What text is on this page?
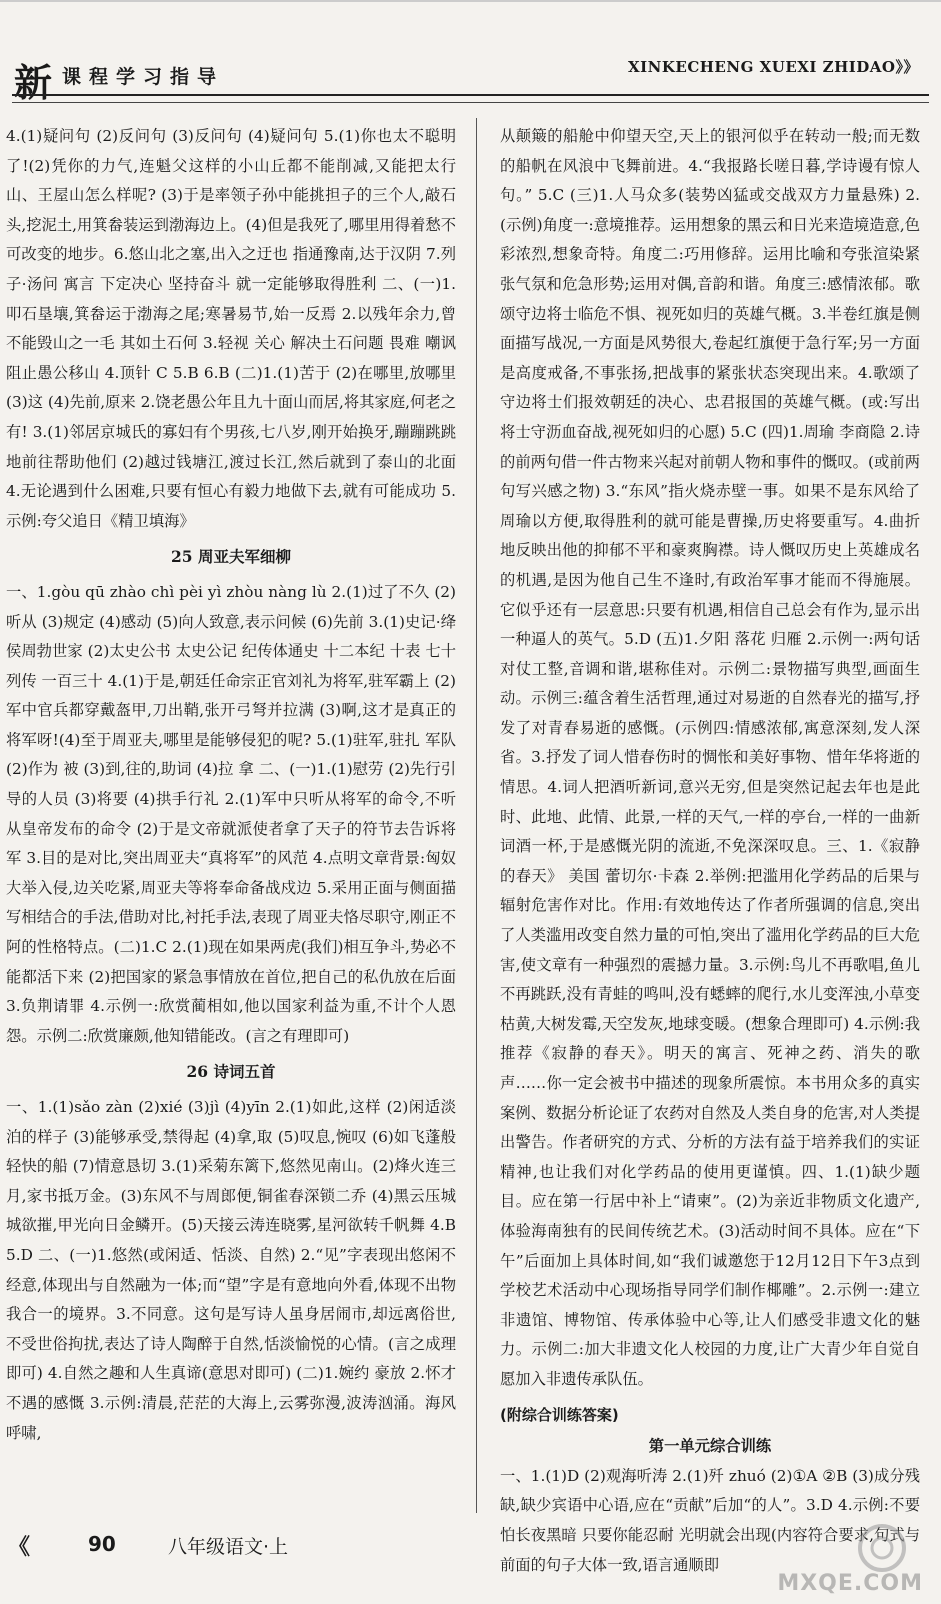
新 课程学习指导	XINKECHENG XUEXI ZHIDAO》》

4.(1)疑问句 (2)反问句 (3)反问句 (4)疑问句 5.(1)你也太不聪明了!(2)凭你的力气,连魁父这样的小山丘都不能削减,又能把太行山、王屋山怎么样呢? (3)于是率领子孙中能挑担子的三个人,敲石头,挖泥土,用箕畚装运到渤海边上。(4)但是我死了,哪里用得着愁不可改变的地步。6.悠山北之塞,出入之迂也 指通豫南,达于汉阴 7.列子·汤问 寓言 下定决心 坚持奋斗 就一定能够取得胜利 二、(一)1.叩石垦壤,箕畚运于渤海之尾;寒暑易节,始一反焉 2.以残年余力,曾不能毁山之一毛 其如土石何 3.轻视 关心 解决土石问题 畏难 嘲讽 阻止愚公移山 4.顶针 C 5.B 6.B (二)1.(1)苦于 (2)在哪里,放哪里 (3)这 (4)先前,原来 2.饶老愚公年且九十面山而居,将其家庭,何老之有! 3.(1)邻居京城氏的寡妇有个男孩,七八岁,刚开始换牙,蹦蹦跳跳地前往帮助他们 (2)越过钱塘江,渡过长江,然后就到了泰山的北面 4.无论遇到什么困难,只要有恒心有毅力地做下去,就有可能成功 5.示例:夸父追日《精卫填海》

25 周亚夫军细柳

一、1.gòu qū zhào chì pèi yì zhòu nàng lù 2.(1)过了不久 (2)听从 (3)规定 (4)感动 (5)向人致意,表示问候 (6)先前 3.(1)史记·绛侯周勃世家 (2)太史公书 太史公记 纪传体通史 十二本纪 十表 七十列传 一百三十 4.(1)于是,朝廷任命宗正官刘礼为将军,驻军霸上 (2)军中官兵都穿戴盔甲,刀出鞘,张开弓弩并拉满 (3)啊,这才是真正的将军呀!(4)至于周亚夫,哪里是能够侵犯的呢? 5.(1)驻军,驻扎 军队 (2)作为 被 (3)到,往的,助词 (4)拉 拿 二、(一)1.(1)慰劳 (2)先行引导的人员 (3)将要 (4)拱手行礼 2.(1)军中只听从将军的命令,不听从皇帝发布的命令 (2)于是文帝就派使者拿了天子的符节去告诉将军 3.目的是对比,突出周亚夫“真将军”的风范 4.点明文章背景:匈奴大举入侵,边关吃紧,周亚夫等将奉命备战戍边 5.采用正面与侧面描写相结合的手法,借助对比,衬托手法,表现了周亚夫恪尽职守,刚正不阿的性格特点。(二)1.C 2.(1)现在如果两虎(我们)相互争斗,势必不能都活下来 (2)把国家的紧急事情放在首位,把自己的私仇放在后面 3.负荆请罪 4.示例一:欣赏蔺相如,他以国家利益为重,不计个人恩怨。示例二:欣赏廉颇,他知错能改。(言之有理即可)

26 诗词五首

一、1.(1)sǎo zàn (2)xié (3)jì (4)yīn 2.(1)如此,这样 (2)闲适淡泊的样子 (3)能够承受,禁得起 (4)拿,取 (5)叹息,惋叹 (6)如飞蓬般轻快的船 (7)情意恳切 3.(1)采菊东篱下,悠然见南山。(2)烽火连三月,家书抵万金。(3)东风不与周郎便,铜雀春深锁二乔 (4)黑云压城城欲摧,甲光向日金鳞开。(5)天接云涛连晓雾,星河欲转千帆舞 4.B 5.D 二、(一)1.悠然(或闲适、恬淡、自然) 2.“见”字表现出悠闲不经意,体现出与自然融为一体;而“望”字是有意地向外看,体现不出物我合一的境界。3.不同意。这句是写诗人虽身居闹市,却远离俗世,不受世俗拘扰,表达了诗人陶醉于自然,恬淡愉悦的心情。(言之成理即可) 4.自然之趣和人生真谛(意思对即可) (二)1.婉约 豪放 2.怀才不遇的感慨 3.示例:清晨,茫茫的大海上,云雾弥漫,波涛汹涌。海风呼啸,

从颠簸的船舱中仰望天空,天上的银河似乎在转动一般;而无数的船帆在风浪中飞舞前进。4.“我报路长嗟日暮,学诗谩有惊人句。” 5.C (三)1.人马众多(装势凶猛或交战双方力量悬殊) 2.(示例)角度一:意境推荐。运用想象的黑云和日光来造境造意,色彩浓烈,想象奇特。角度二:巧用修辞。运用比喻和夸张渲染紧张气氛和危急形势;运用对偶,音韵和谐。角度三:感情浓郁。歌颂守边将士临危不惧、视死如归的英雄气概。3.半卷红旗是侧面描写战况,一方面是风势很大,卷起红旗便于急行军;另一方面是高度戒备,不事张扬,把战事的紧张状态突现出来。4.歌颂了守边将士们报效朝廷的决心、忠君报国的英雄气概。(或:写出将士守沥血奋战,视死如归的心愿) 5.C (四)1.周瑜 李商隐 2.诗的前两句借一件古物来兴起对前朝人物和事件的慨叹。(或前两句写兴感之物) 3.“东风”指火烧赤壁一事。如果不是东风给了周瑜以方便,取得胜利的就可能是曹操,历史将要重写。4.曲折地反映出他的抑郁不平和豪爽胸襟。诗人慨叹历史上英雄成名的机遇,是因为他自己生不逢时,有政治军事才能而不得施展。它似乎还有一层意思:只要有机遇,相信自己总会有作为,显示出一种逼人的英气。5.D (五)1.夕阳 落花 归雁 2.示例一:两句话对仗工整,音调和谐,堪称佳对。示例二:景物描写典型,画面生动。示例三:蕴含着生活哲理,通过对易逝的自然春光的描写,抒发了对青春易逝的感慨。(示例四:情感浓郁,寓意深刻,发人深省。3.抒发了词人惜春伤时的惆怅和美好事物、惜年华将逝的情思。4.词人把酒听新词,意兴无穷,但是突然记起去年也是此时、此地、此情、此景,一样的天气,一样的亭台,一样的一曲新词酒一杯,于是感慨光阴的流逝,不免深深叹息。三、1.《寂静的春天》 美国 蕾切尔·卡森 2.举例:把滥用化学药品的后果与辐射危害作对比。作用:有效地传达了作者所强调的信息,突出了人类滥用改变自然力量的可怕,突出了滥用化学药品的巨大危害,使文章有一种强烈的震撼力量。3.示例:鸟儿不再歌唱,鱼儿不再跳跃,没有青蛙的鸣叫,没有蟋蟀的爬行,水儿变浑浊,小草变枯黄,大树发霉,天空发灰,地球变暖。(想象合理即可) 4.示例:我推荐《寂静的春天》。明天的寓言、死神之药、消失的歌声……你一定会被书中描述的现象所震惊。本书用众多的真实案例、数据分析论证了农药对自然及人类自身的危害,对人类提出警告。作者研究的方式、分析的方法有益于培养我们的实证精神,也让我们对化学药品的使用更谨慎。四、1.(1)缺少题目。应在第一行居中补上“请柬”。(2)为亲近非物质文化遗产,体验海南独有的民间传统艺术。(3)活动时间不具体。应在“下午”后面加上具体时间,如“我们诚邀您于12月12日下午3点到学校艺术活动中心现场指导同学们制作椰雕”。2.示例一:建立非遗馆、博物馆、传承体验中心等,让人们感受非遗文化的魅力。示例二:加大非遗文化人校园的力度,让广大青少年自觉自愿加入非遗传承队伍。

(附综合训练答案)
第一单元综合训练

一、1.(1)D (2)观海听涛 2.(1)歼 zhuó (2)①A ②B (3)成分残缺,缺少宾语中心语,应在“贡献”后加“的人”。3.D 4.示例:不要怕长夜黑暗 只要你能忍耐 光明就会出现(内容符合要求,句式与前面的句子大体一致,语言通顺即

《	90	八年级语文·上
MXQE.COM
